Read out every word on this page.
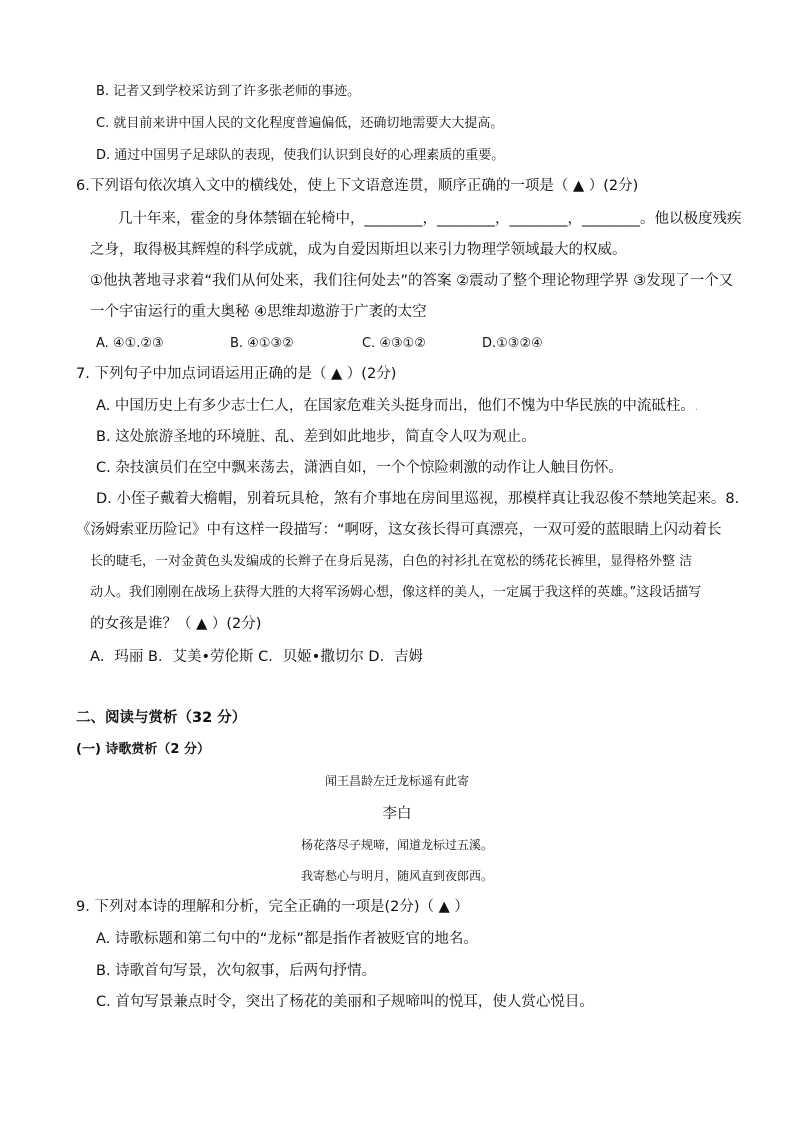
B. 记者又到学校采访到了许多张老师的事迹。
C. 就目前来讲中国人民的文化程度普遍偏低，还确切地需要大大提高。
D. 通过中国男子足球队的表现，使我们认识到良好的心理素质的重要。
6.下列语句依次填入文中的横线处，使上下文语意连贯，顺序正确的一项是（ ▲ ）(2分)
几十年来，霍金的身体禁锢在轮椅中，________，________，________，________。他以极度残疾
之身，取得极其辉煌的科学成就，成为自爱因斯坦以来引力物理学领域最大的权威。
①他执著地寻求着“我们从何处来，我们往何处去”的答案 ②震动了整个理论物理学界 ③发现了一个又
一个宇宙运行的重大奥秘 ④思维却遨游于广袤的太空
A. ④①.②③	B. ④①③②	C. ④③①②	D.①③②④
7. 下列句子中加点词语运用正确的是（ ▲ ）(2分)
A. 中国历史上有多少志士仁人，在国家危难关头挺身而出，他们不愧为中华民族的中流砥柱。.
B. 这处旅游圣地的环境脏、乱、差到如此地步，简直令人叹为观止。
C. 杂技演员们在空中飘来荡去，潇洒自如，一个个惊险刺激的动作让人触目伤怀。
D. 小侄子戴着大檐帽，别着玩具枪，煞有介事地在房间里巡视，那模样真让我忍俊不禁地笑起来。8.
《汤姆索亚历险记》中有这样一段描写：“啊呀，这女孩长得可真漂亮，一双可爱的蓝眼睛上闪动着长
长的睫毛，一对金黄色头发编成的长辫子在身后晃荡，白色的衬衫扎在宽松的绣花长裤里，显得格外整 洁
动人。我们刚刚在战场上获得大胜的大将军汤姆心想，像这样的美人，一定属于我这样的英雄。”这段话描写
的女孩是谁？（ ▲ ）(2分)
A．玛丽 B．艾美•劳伦斯 C．贝姬•撒切尔 D．吉姆
二、阅读与赏析（32 分）
(一) 诗歌赏析（2 分）
闻王昌龄左迁龙标遥有此寄
李白
杨花落尽子规啼，闻道龙标过五溪。
我寄愁心与明月，随风直到夜郎西。
9. 下列对本诗的理解和分析，完全正确的一项是(2分)（ ▲ ）
A. 诗歌标题和第二句中的“龙标”都是指作者被贬官的地名。
B. 诗歌首句写景，次句叙事，后两句抒情。
C. 首句写景兼点时令，突出了杨花的美丽和子规啼叫的悦耳，使人赏心悦目。
